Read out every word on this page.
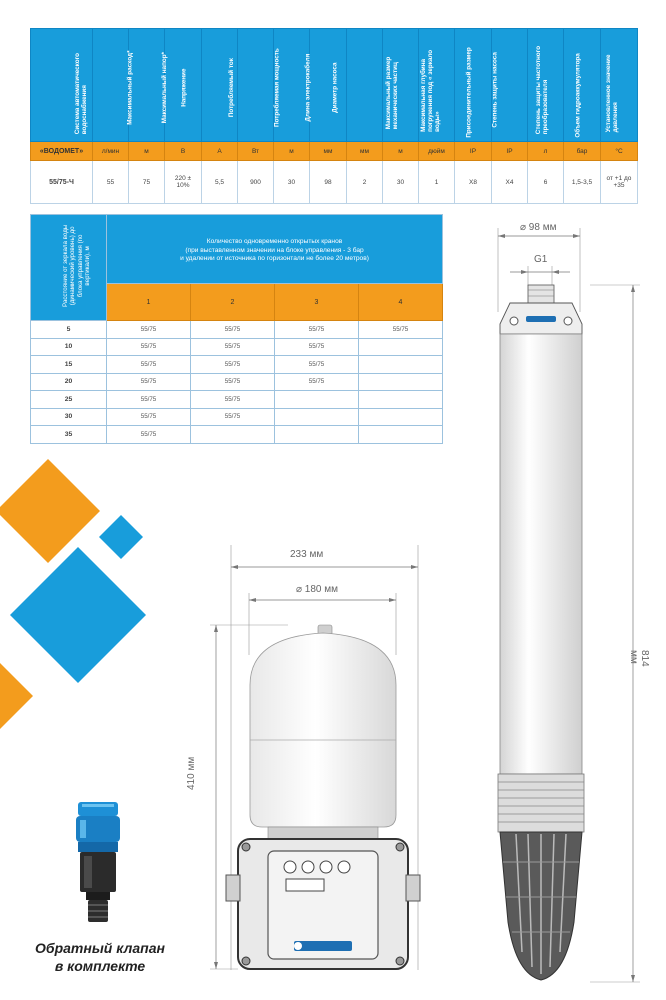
Система автоматического водоснабжения	Максимальный расход*	Максимальный напор*	Напряжение	Потребляемый ток	Потребляемая мощность	Длина электрокабеля	Диаметр насоса	Максимальный размер механических частиц	Максимальная глубина погружения под « зеркало воды»	Присоединительный размер	Степень защиты насоса	Степень защиты частотного преобразователя	Объем гидроаккумулятора	Установленное значение давления	Температура перекачиваемой воды
«ВОДОМЕТ»	л/мин	м	В	А	Вт	м	мм	мм	м	дюйм	IP	IP	л	бар	°С
55/75-Ч	55	75	220 ± 10%	5,5	900	30	98	2	30	1	Х8	Х4	6	1,5-3,5	от +1 до +35
Расстояние от зеркала воды (динамический уровень) до блока управления (по вертикали), м	Количество одновременно открытых кранов
(при выставленном значении на блоке управления - 3 бар
и удалении от источника по горизонтали не более 20 метров)			

	1	2	3	4
5	55/75	55/75	55/75	55/75
10	55/75	55/75	55/75	
15	55/75	55/75	55/75	
20	55/75	55/75	55/75	
25	55/75	55/75		
30	55/75	55/75		
35	55/75			
Обратный клапан
в комплекте
233 мм
⌀ 180 мм
410 мм
⌀ 98 мм
G1
814 мм
